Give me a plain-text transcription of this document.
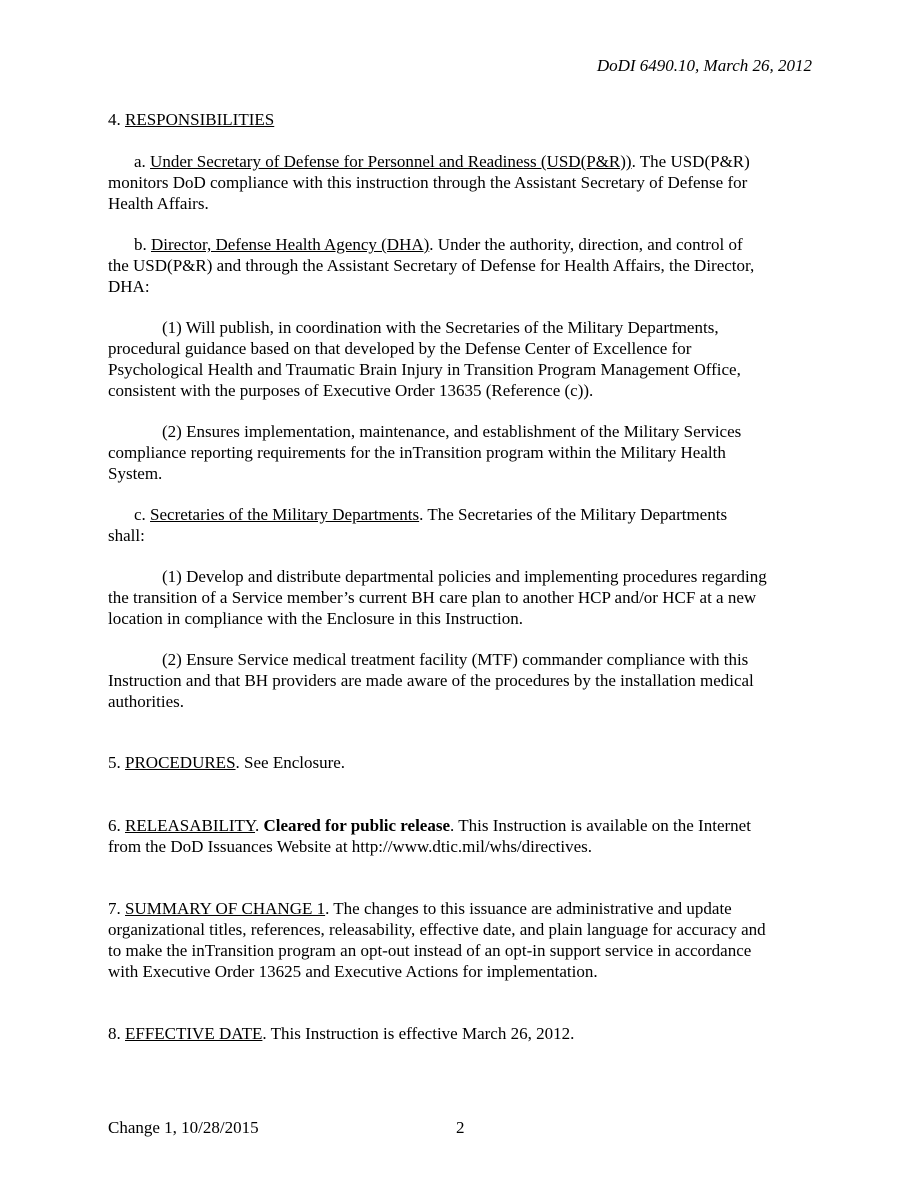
DoDI 6490.10, March 26, 2012
4. RESPONSIBILITIES
a. Under Secretary of Defense for Personnel and Readiness (USD(P&R)). The USD(P&R)
monitors DoD compliance with this instruction through the Assistant Secretary of Defense for
Health Affairs.
b. Director, Defense Health Agency (DHA). Under the authority, direction, and control of
the USD(P&R) and through the Assistant Secretary of Defense for Health Affairs, the Director,
DHA:
(1) Will publish, in coordination with the Secretaries of the Military Departments,
procedural guidance based on that developed by the Defense Center of Excellence for
Psychological Health and Traumatic Brain Injury in Transition Program Management Office,
consistent with the purposes of Executive Order 13635 (Reference (c)).
(2) Ensures implementation, maintenance, and establishment of the Military Services
compliance reporting requirements for the inTransition program within the Military Health
System.
c. Secretaries of the Military Departments. The Secretaries of the Military Departments
shall:
(1) Develop and distribute departmental policies and implementing procedures regarding
the transition of a Service member’s current BH care plan to another HCP and/or HCF at a new
location in compliance with the Enclosure in this Instruction.
(2) Ensure Service medical treatment facility (MTF) commander compliance with this
Instruction and that BH providers are made aware of the procedures by the installation medical
authorities.
5. PROCEDURES. See Enclosure.
6. RELEASABILITY. Cleared for public release. This Instruction is available on the Internet
from the DoD Issuances Website at http://www.dtic.mil/whs/directives.
7. SUMMARY OF CHANGE 1. The changes to this issuance are administrative and update
organizational titles, references, releasability, effective date, and plain language for accuracy and
to make the inTransition program an opt-out instead of an opt-in support service in accordance
with Executive Order 13625 and Executive Actions for implementation.
8. EFFECTIVE DATE. This Instruction is effective March 26, 2012.
Change 1, 10/28/2015	2
